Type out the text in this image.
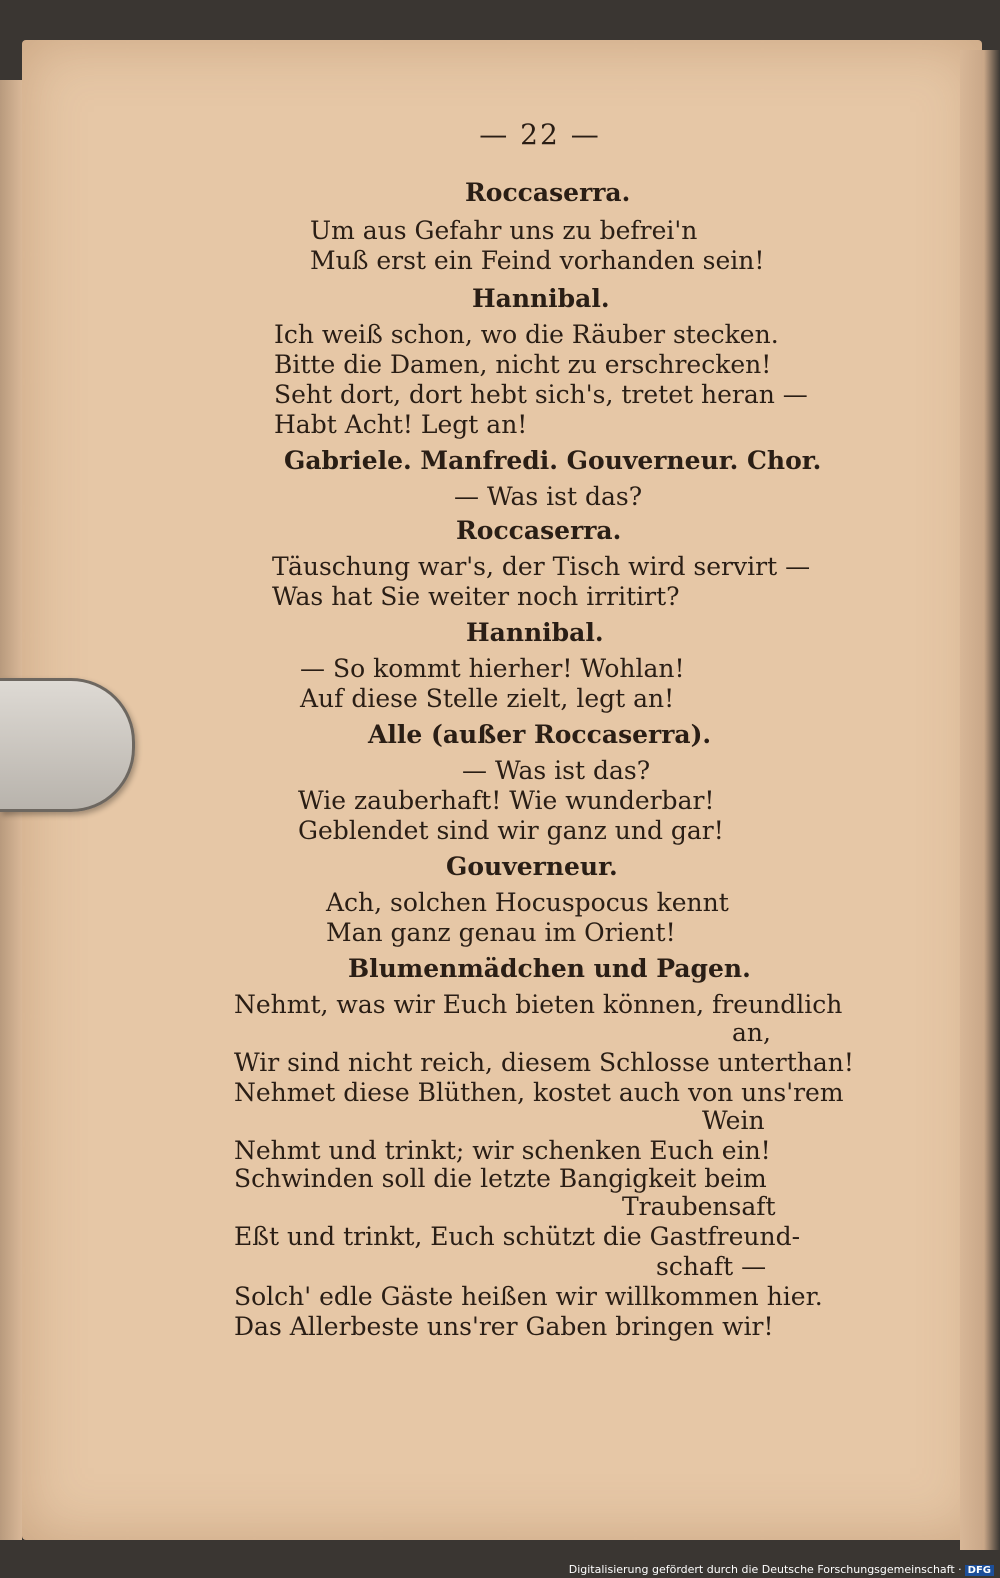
— 22 —
Roccaserra.
Um aus Gefahr uns zu befrei'n
Muß erst ein Feind vorhanden sein!
Hannibal.
Ich weiß schon, wo die Räuber stecken.
Bitte die Damen, nicht zu erschrecken!
Seht dort, dort hebt sich's, tretet heran —
Habt Acht! Legt an!
Gabriele. Manfredi. Gouverneur. Chor.
— Was ist das?
Roccaserra.
Täuschung war's, der Tisch wird servirt —
Was hat Sie weiter noch irritirt?
Hannibal.
— So kommt hierher! Wohlan!
Auf diese Stelle zielt, legt an!
Alle (außer Roccaserra).
— Was ist das?
Wie zauberhaft! Wie wunderbar!
Geblendet sind wir ganz und gar!
Gouverneur.
Ach, solchen Hocuspocus kennt
Man ganz genau im Orient!
Blumenmädchen und Pagen.
Nehmt, was wir Euch bieten können, freundlich
an,
Wir sind nicht reich, diesem Schlosse unterthan!
Nehmet diese Blüthen, kostet auch von uns'rem
Wein
Nehmt und trinkt; wir schenken Euch ein!
Schwinden soll die letzte Bangigkeit beim
Traubensaft
Eßt und trinkt, Euch schützt die Gastfreund-
schaft —
Solch' edle Gäste heißen wir willkommen hier.
Das Allerbeste uns'rer Gaben bringen wir!
Digitalisierung gefördert durch die Deutsche Forschungsgemeinschaft · DFG
